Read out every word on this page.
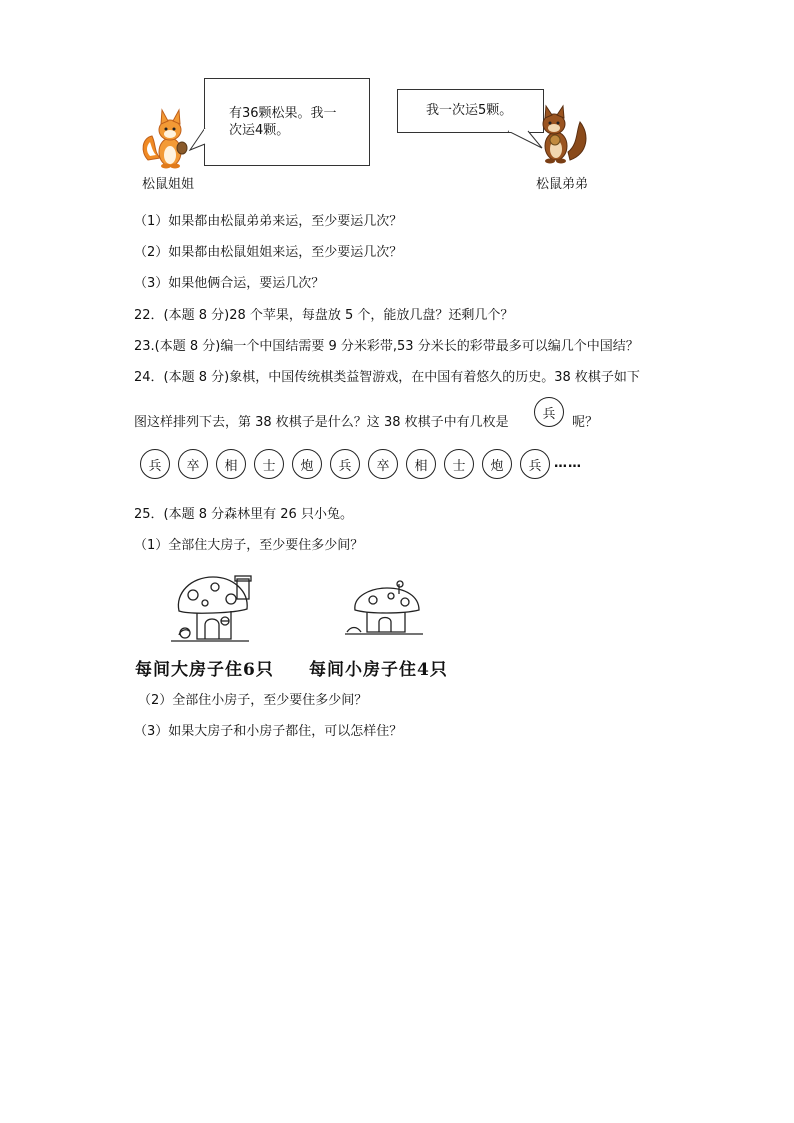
有36颗松果。我一
次运4颗。
松鼠姐姐
我一次运5颗。
松鼠弟弟
（1）如果都由松鼠弟弟来运，至少要运几次？
（2）如果都由松鼠姐姐来运，至少要运几次？
（3）如果他俩合运，要运几次？
22．(本题 8 分)28 个苹果，每盘放 5 个，能放几盘？还剩几个？
23.(本题 8 分)编一个中国结需要 9 分米彩带,53 分米长的彩带最多可以编几个中国结？
24．(本题 8 分)象棋，中国传统棋类益智游戏，在中国有着悠久的历史。38 枚棋子如下
图这样排列下去，第 38 枚棋子是什么？这 38 枚棋子中有几枚是
兵
呢？
兵	卒	相	士	炮	兵	卒	相	士	炮	兵 ……
25．(本题 8 分森林里有 26 只小兔。
（1）全部住大房子，至少要住多少间？
每间大房子住6只 每间小房子住4只
（2）全部住小房子，至少要住多少间？
（3）如果大房子和小房子都住，可以怎样住？
